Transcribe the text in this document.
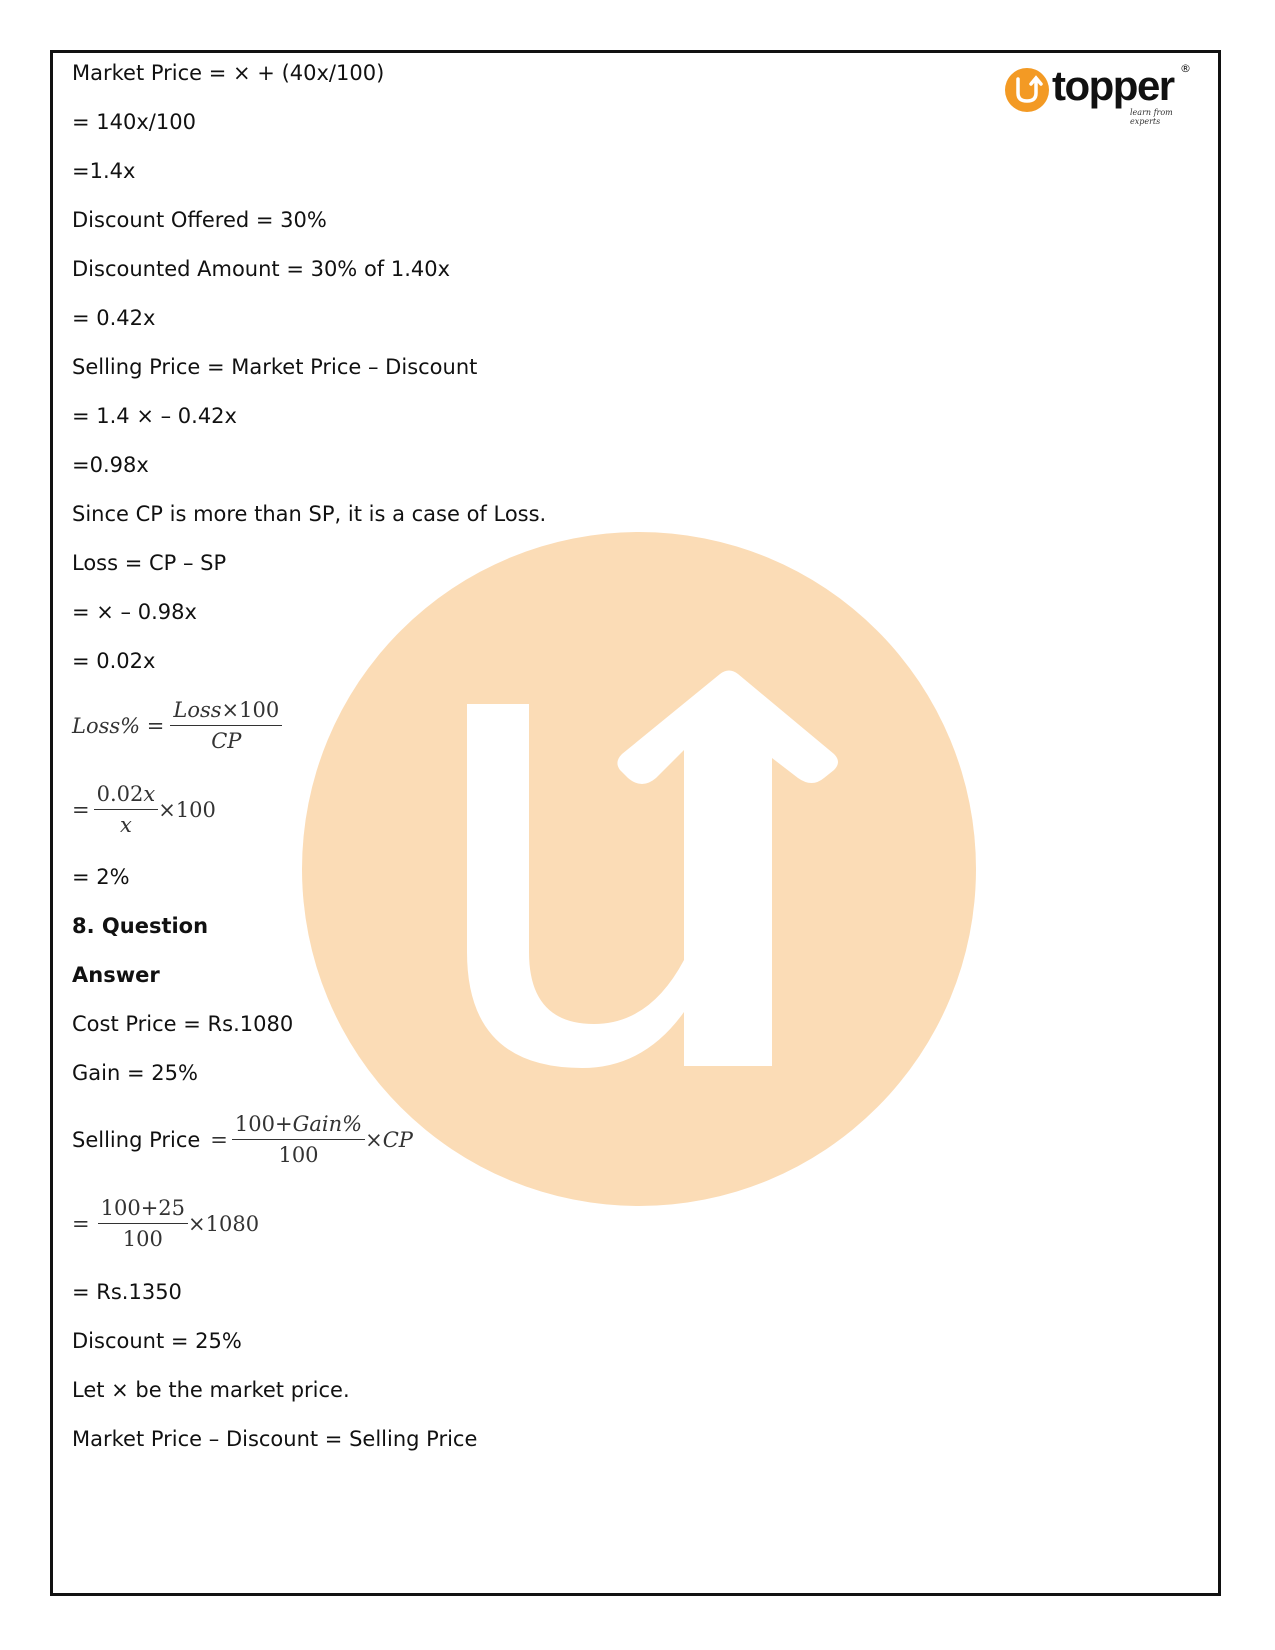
topper ®
learn from experts
Market Price = × + (40x/100)
= 140x/100
=1.4x
Discount Offered = 30%
Discounted Amount = 30% of 1.40x
= 0.42x
Selling Price = Market Price – Discount
= 1.4 × – 0.42x
=0.98x
Since CP is more than SP, it is a case of Loss.
Loss = CP – SP
= × – 0.98x
= 0.02x
Loss% = $\frac{\text{Loss×100}}{CP}$
= $\frac{0.02x}{x} \times 100$
= 2%
8. Question
Answer
Cost Price = Rs.1080
Gain = 25%
Selling Price = $\frac{\text{100+Gain\%}}{100}$ × CP
= $\frac{100+25}{100} \times 1080$
= Rs.1350
Discount = 25%
Let × be the market price.
Market Price – Discount = Selling Price
